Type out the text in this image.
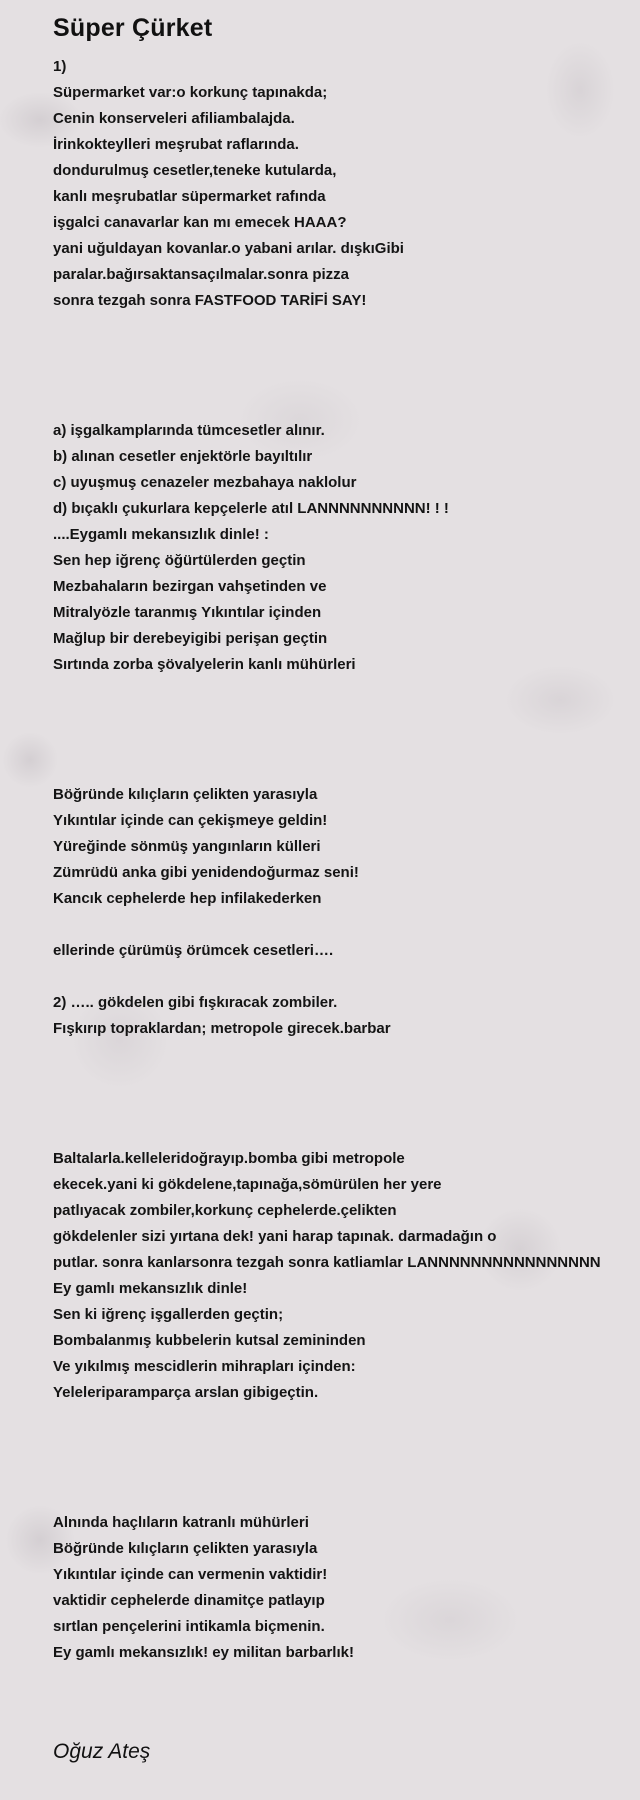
Süper Çürket
1)
Süpermarket var:o korkunç tapınakda;
Cenin konserveleri afiliambalajda.
İrinkokteylleri meşrubat raflarında.
dondurulmuş cesetler,teneke kutularda,
kanlı meşrubatlar süpermarket rafında
işgalci canavarlar kan mı emecek HAAA?
yani uğuldayan kovanlar.o yabani arılar. dışkıGibi
paralar.bağırsaktansaçılmalar.sonra pizza
sonra tezgah sonra FASTFOOD TARİFİ SAY!
a) işgalkamplarında tümcesetler alınır.
b) alınan cesetler enjektörle bayıltılır
c) uyuşmuş cenazeler mezbahaya naklolur
d) bıçaklı çukurlara kepçelerle atıl LANNNNNNNNNN! ! !
....Eygamlı mekansızlık dinle! :
Sen hep iğrenç öğürtülerden geçtin
Mezbahaların bezirgan vahşetinden ve
Mitralyözle taranmış Yıkıntılar içinden
Mağlup bir derebeyigibi perişan geçtin
Sırtında zorba şövalyelerin kanlı mühürleri
Böğründe kılıçların çelikten yarasıyla
Yıkıntılar içinde can çekişmeye geldin!
Yüreğinde sönmüş yangınların külleri
Zümrüdü anka gibi yenidendoğurmaz seni!
Kancık cephelerde hep infilakederken
ellerinde çürümüş örümcek cesetleri….
2) ….. gökdelen gibi fışkıracak zombiler.
Fışkırıp topraklardan; metropole girecek.barbar
Baltalarla.kelleleridoğrayıp.bomba gibi metropole
ekecek.yani ki gökdelene,tapınağa,sömürülen her yere
patlıyacak zombiler,korkunç cephelerde.çelikten
gökdelenler sizi yırtana dek! yani harap tapınak. darmadağın o
putlar. sonra kanlarsonra tezgah sonra katliamlar LANNNNNNNNNNNNNNNN
Ey gamlı mekansızlık dinle!
Sen ki iğrenç işgallerden geçtin;
Bombalanmış kubbelerin kutsal zemininden
Ve yıkılmış mescidlerin mihrapları içinden:
Yeleleriparamparça arslan gibigeçtin.
Alnında haçlıların katranlı mühürleri
Böğründe kılıçların çelikten yarasıyla
Yıkıntılar içinde can vermenin vaktidir!
vaktidir cephelerde dinamitçe patlayıp
sırtlan pençelerini intikamla biçmenin.
Ey gamlı mekansızlık! ey militan barbarlık!

Oğuz Ateş
